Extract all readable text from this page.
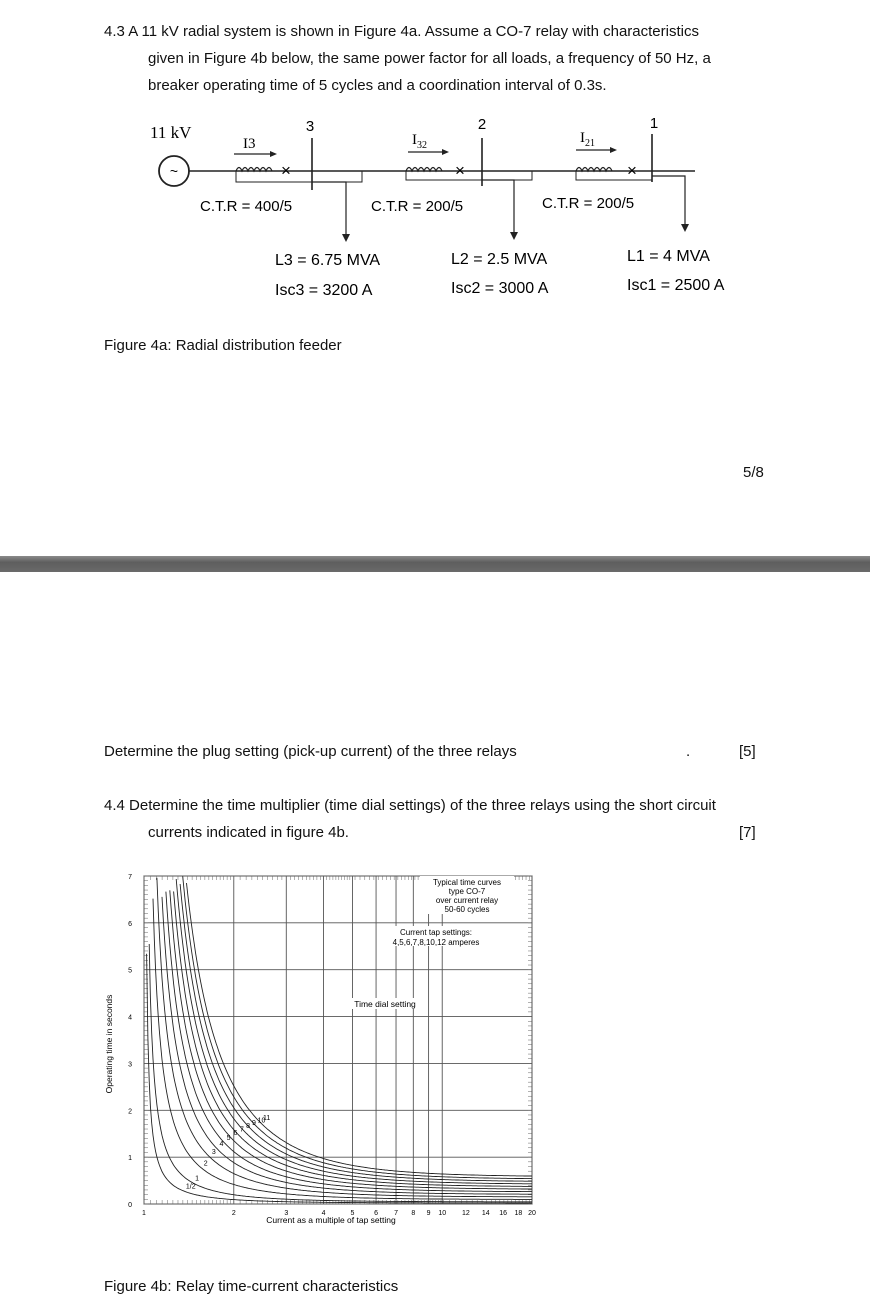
4.3 A 11 kV radial system is shown in Figure 4a. Assume a CO-7 relay with characteristics
given in Figure 4b below, the same power factor for all loads, a frequency of 50 Hz, a
breaker operating time of 5 cycles and a coordination interval of 0.3s.
11 kV
~
I3
×
3
$I_{32}$
×
2
$I_{21}$
×
1
C.T.R = 400/5	C.T.R = 200/5	C.T.R = 200/5
L3 = 6.75 MVA
Isc3 = 3200 A
L2 = 2.5 MVA
Isc2 = 3000 A
L1 = 4 MVA
Isc1 = 2500 A
Figure 4a: Radial distribution feeder
5/8
Determine the plug setting (pick-up current) of the three relays	.	[5]
4.4 Determine the time multiplier (time dial settings) of the three relays using the short circuit
currents indicated in figure 4b.	[7]
0
1
2
3
4
5
6
7
1	2	3	4	5	6 7 8 9 10 12 14 16 18 20
1/2
1
2
3
4
5
6
7 8 9 10
11
Typical time curves
type CO-7
over current relay
50-60 cycles
Current tap settings:
4,5,6,7,8,10,12 amperes
Time dial setting
Current as a multiple of tap setting
Operating time in seconds
Figure 4b: Relay time-current characteristics
